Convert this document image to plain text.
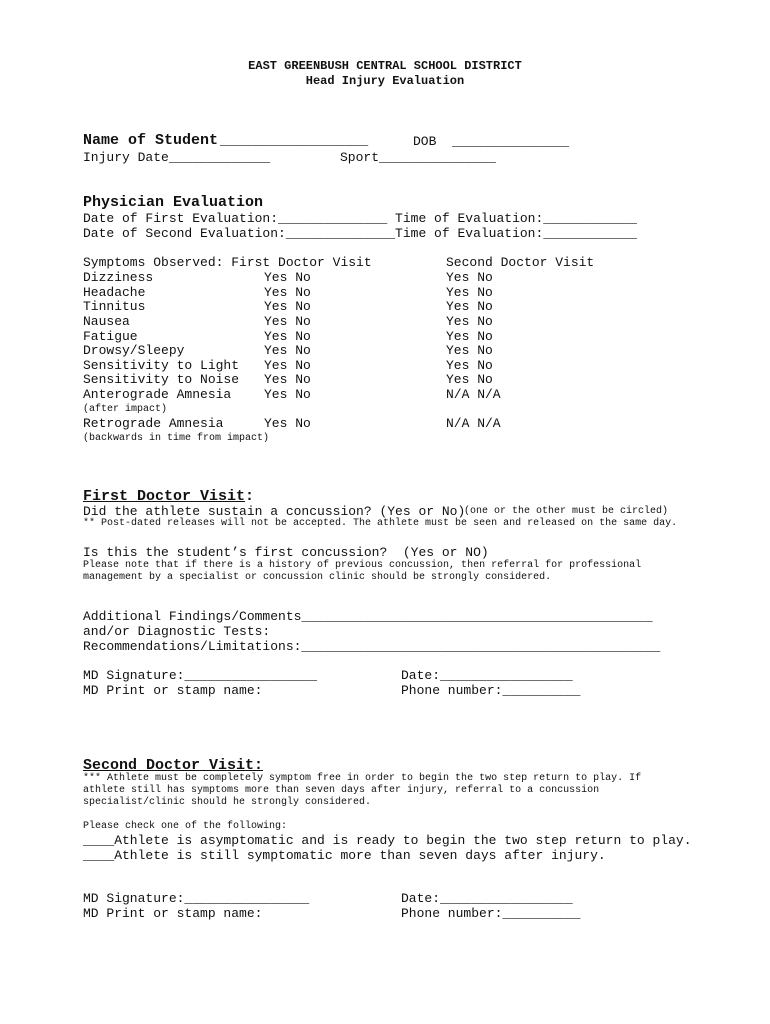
EAST GREENBUSH CENTRAL SCHOOL DISTRICT
Head Injury Evaluation
Name of Student ___________________	DOB  _______________
Injury Date_____________	Sport_______________
Physician Evaluation
Date of First Evaluation:______________ Time of Evaluation:____________
Date of Second Evaluation:______________Time of Evaluation:____________
Symptoms Observed: First Doctor Visit	Second Doctor Visit
Dizziness	Yes No	Yes No
Headache	Yes No	Yes No
Tinnitus	Yes No	Yes No
Nausea	Yes No	Yes No
Fatigue	Yes No	Yes No
Drowsy/Sleepy	Yes No	Yes No
Sensitivity to Light Yes No	Yes No
Sensitivity to Noise Yes No	Yes No
Anterograde Amnesia	Yes No	N/A N/A
(after impact)
Retrograde Amnesia	Yes No	N/A N/A
(backwards in time from impact)
First Doctor Visit:
Did the athlete sustain a concussion? (Yes or No)
(one or the other must be circled)
** Post-dated releases will not be accepted. The athlete must be seen and released on the same day.
Is this the student’s first concussion?  (Yes or NO)
Please note that if there is a history of previous concussion, then referral for professional
management by a specialist or concussion clinic should be strongly considered.
Additional Findings/Comments_____________________________________________
and/or Diagnostic Tests:
Recommendations/Limitations:______________________________________________
MD Signature:_________________	Date:_________________
MD Print or stamp name:	Phone number:__________
Second Doctor Visit:
*** Athlete must be completely symptom free in order to begin the two step return to play. If
athlete still has symptoms more than seven days after injury, referral to a concussion
specialist/clinic should he strongly considered.
Please check one of the following:
____Athlete is asymptomatic and is ready to begin the two step return to play.
____Athlete is still symptomatic more than seven days after injury.
MD Signature:________________	Date:_________________
MD Print or stamp name:	Phone number:__________
